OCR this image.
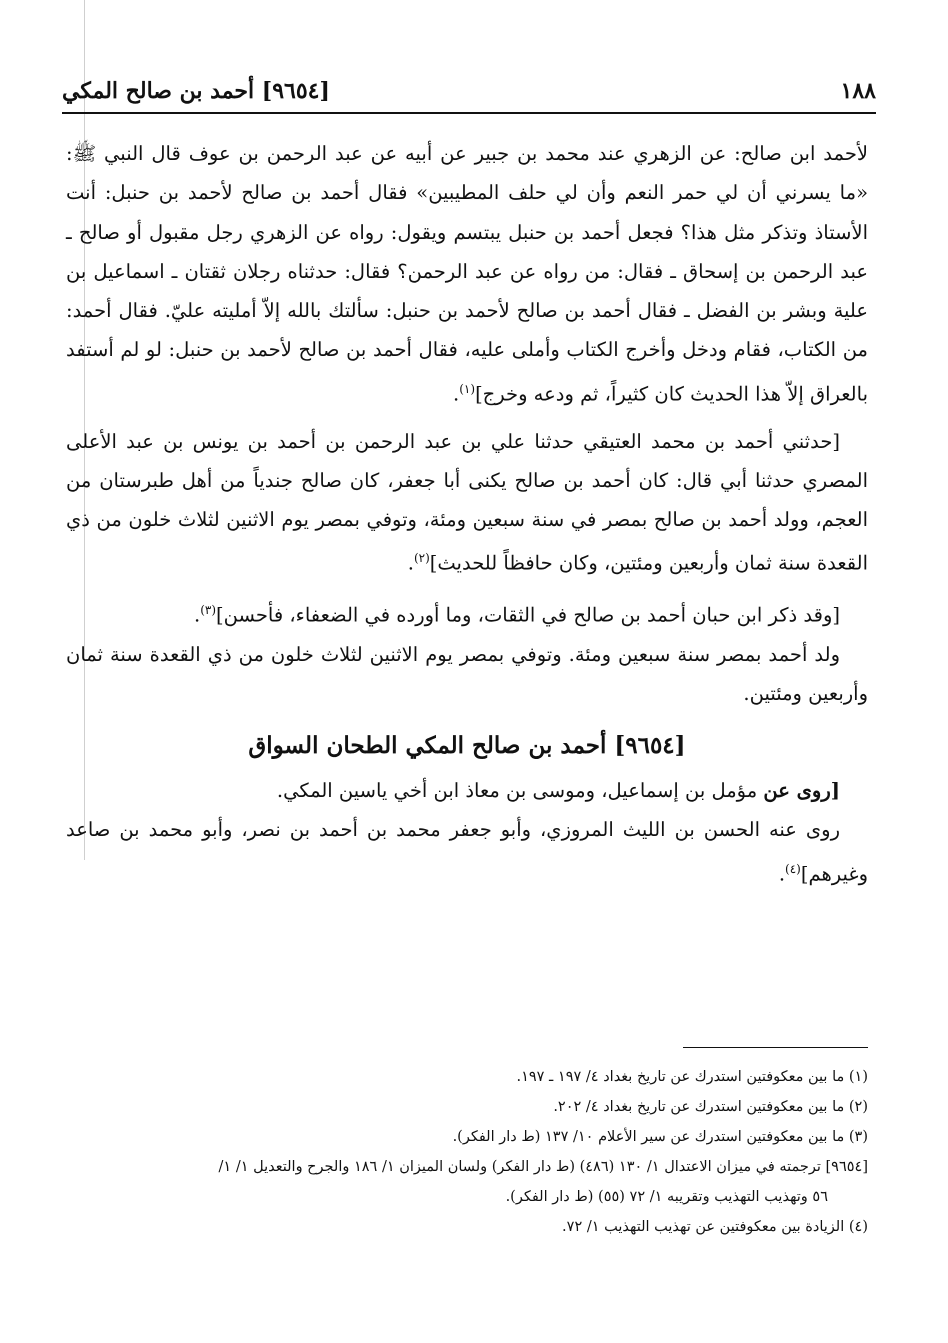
١٨٨
[٩٦٥٤] أحمد بن صالح المكي

لأحمد ابن صالح: عن الزهري عند محمد بن جبير عن أبيه عن عبد الرحمن بن عوف قال النبي ﷺ: «ما يسرني أن لي حمر النعم وأن لي حلف المطيبين» فقال أحمد بن صالح لأحمد بن حنبل: أنت الأستاذ وتذكر مثل هذا؟ فجعل أحمد بن حنبل يبتسم ويقول: رواه عن الزهري رجل مقبول أو صالح ـ عبد الرحمن بن إسحاق ـ فقال: من رواه عن عبد الرحمن؟ فقال: حدثناه رجلان ثقتان ـ اسماعيل بن علية وبشر بن الفضل ـ فقال أحمد بن صالح لأحمد بن حنبل: سألتك بالله إلاّ أمليته عليّ. فقال أحمد: من الكتاب، فقام ودخل وأخرج الكتاب وأملى عليه، فقال أحمد بن صالح لأحمد بن حنبل: لو لم أستفد بالعراق إلاّ هذا الحديث كان كثيراً، ثم ودعه وخرج]$^{(١)}$.

[حدثني أحمد بن محمد العتيقي حدثنا علي بن عبد الرحمن بن أحمد بن يونس بن عبد الأعلى المصري حدثنا أبي قال: كان أحمد بن صالح يكنى أبا جعفر، كان صالح جندياً من أهل طبرستان من العجم، وولد أحمد بن صالح بمصر في سنة سبعين ومئة، وتوفي بمصر يوم الاثنين لثلاث خلون من ذي القعدة سنة ثمان وأربعين ومئتين، وكان حافظاً للحديث]$^{(٢)}$.

[وقد ذكر ابن حبان أحمد بن صالح في الثقات، وما أورده في الضعفاء، فأحسن]$^{(٣)}$.

ولد أحمد بمصر سنة سبعين ومئة. وتوفي بمصر يوم الاثنين لثلاث خلون من ذي القعدة سنة ثمان وأربعين ومئتين.

[٩٦٥٤] أحمد بن صالح المكي الطحان السواق

[روى عن مؤمل بن إسماعيل، وموسى بن معاذ ابن أخي ياسين المكي.

روى عنه الحسن بن الليث المروزي، وأبو جعفر محمد بن أحمد بن نصر، وأبو محمد بن صاعد وغيرهم]$^{(٤)}$.

(١) ما بين معكوفتين استدرك عن تاريخ بغداد ٤/ ١٩٧ ـ ١٩٧.

(٢) ما بين معكوفتين استدرك عن تاريخ بغداد ٤/ ٢٠٢.

(٣) ما بين معكوفتين استدرك عن سير الأعلام ١٠/ ١٣٧ (ط دار الفكر).

[٩٦٥٤] ترجمته في ميزان الاعتدال ١/ ١٣٠ (٤٨٦) (ط دار الفكر) ولسان الميزان ١/ ١٨٦ والجرح والتعديل ١/ ١/

٥٦ وتهذيب التهذيب وتقريبه ١/ ٧٢ (٥٥) (ط دار الفكر).

(٤) الزيادة بين معكوفتين عن تهذيب التهذيب ١/ ٧٢.
